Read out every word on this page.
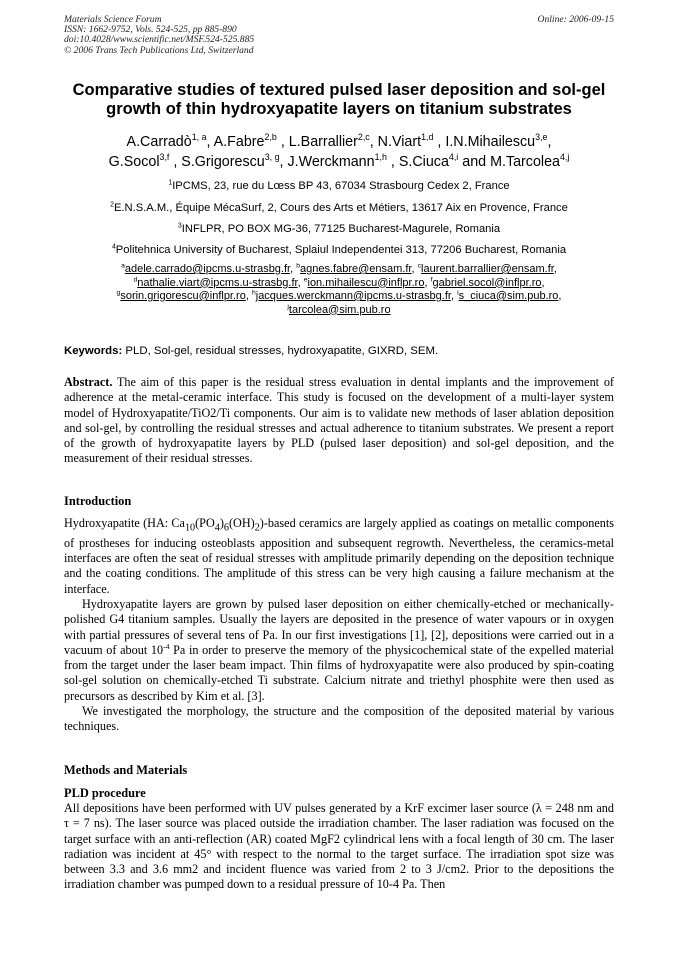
Materials Science Forum
ISSN: 1662-9752, Vols. 524-525, pp 885-890
doi:10.4028/www.scientific.net/MSF.524-525.885
© 2006 Trans Tech Publications Ltd, Switzerland
Online: 2006-09-15
Comparative studies of textured pulsed laser deposition and sol-gel growth of thin hydroxyapatite layers on titanium substrates
A.Carradò$^{1, a}$, A.Fabre$^{2,b}$ , L.Barrallier$^{2,c}$, N.Viart$^{1,d}$ , I.N.Mihailescu$^{3,e}$,
G.Socol$^{3,f}$ , S.Grigorescu$^{3, g}$, J.Werckmann$^{1,h}$ , S.Ciuca$^{4,i}$ and M.Tarcolea$^{4,j}$
$^1$IPCMS, 23, rue du Lœss BP 43, 67034 Strasbourg Cedex 2, France
$^2$E.N.S.A.M., Équipe MécaSurf, 2, Cours des Arts et Métiers, 13617 Aix en Provence, France
$^3$INFLPR, PO BOX MG-36, 77125 Bucharest-Magurele, Romania
$^4$Politehnica University of Bucharest, Splaiul Independentei 313, 77206 Bucharest, Romania
$^a$adele.carrado@ipcms.u-strasbg.fr, $^b$agnes.fabre@ensam.fr, $^c$laurent.barrallier@ensam.fr,
$^d$nathalie.viart@ipcms.u-strasbg.fr, $^e$ion.mihailescu@inflpr.ro, $^f$gabriel.socol@inflpr.ro,
$^g$sorin.grigorescu@inflpr.ro, $^h$jacques.werckmann@ipcms.u-strasbg.fr, $^i$s_ciuca@sim.pub.ro,
$^j$tarcolea@sim.pub.ro
Keywords: PLD, Sol-gel, residual stresses, hydroxyapatite, GIXRD, SEM.
Abstract. The aim of this paper is the residual stress evaluation in dental implants and the improvement of adherence at the metal-ceramic interface. This study is focused on the development of a multi-layer system model of Hydroxyapatite/TiO2/Ti components. Our aim is to validate new methods of laser ablation deposition and sol-gel, by controlling the residual stresses and actual adherence to titanium substrates. We present a report of the growth of hydroxyapatite layers by PLD (pulsed laser deposition) and sol-gel deposition, and the measurement of their residual stresses.
Introduction

Hydroxyapatite (HA: $Ca_{10}(PO_4)_6(OH)_2$)-based ceramics are largely applied as coatings on metallic components of prostheses for inducing osteoblasts apposition and subsequent regrowth. Nevertheless, the ceramics-metal interfaces are often the seat of residual stresses with amplitude primarily depending on the deposition technique and the coating conditions. The amplitude of this stress can be very high causing a failure mechanism at the interface.

Hydroxyapatite layers are grown by pulsed laser deposition on either chemically-etched or mechanically-polished G4 titanium samples. Usually the layers are deposited in the presence of water vapours or in oxygen with partial pressures of several tens of Pa. In our first investigations [1], [2], depositions were carried out in a vacuum of about $10^{-4}$ Pa in order to preserve the memory of the physicochemical state of the expelled material from the target under the laser beam impact. Thin films of hydroxyapatite were also produced by spin-coating sol-gel solution on chemically-etched Ti substrate. Calcium nitrate and triethyl phosphite were then used as precursors as described by Kim et al. [3].

We investigated the morphology, the structure and the composition of the deposited material by various techniques.

Methods and Materials
PLD procedure

All depositions have been performed with UV pulses generated by a KrF excimer laser source (λ = 248 nm and τ = 7 ns). The laser source was placed outside the irradiation chamber. The laser radiation was focused on the target surface with an anti-reflection (AR) coated MgF2 cylindrical lens with a focal length of 30 cm. The laser radiation was incident at 45° with respect to the normal to the target surface. The irradiation spot size was between 3.3 and 3.6 mm2 and incident fluence was varied from 2 to 3 J/cm2. Prior to the depositions the irradiation chamber was pumped down to a residual pressure of 10-4 Pa. Then
